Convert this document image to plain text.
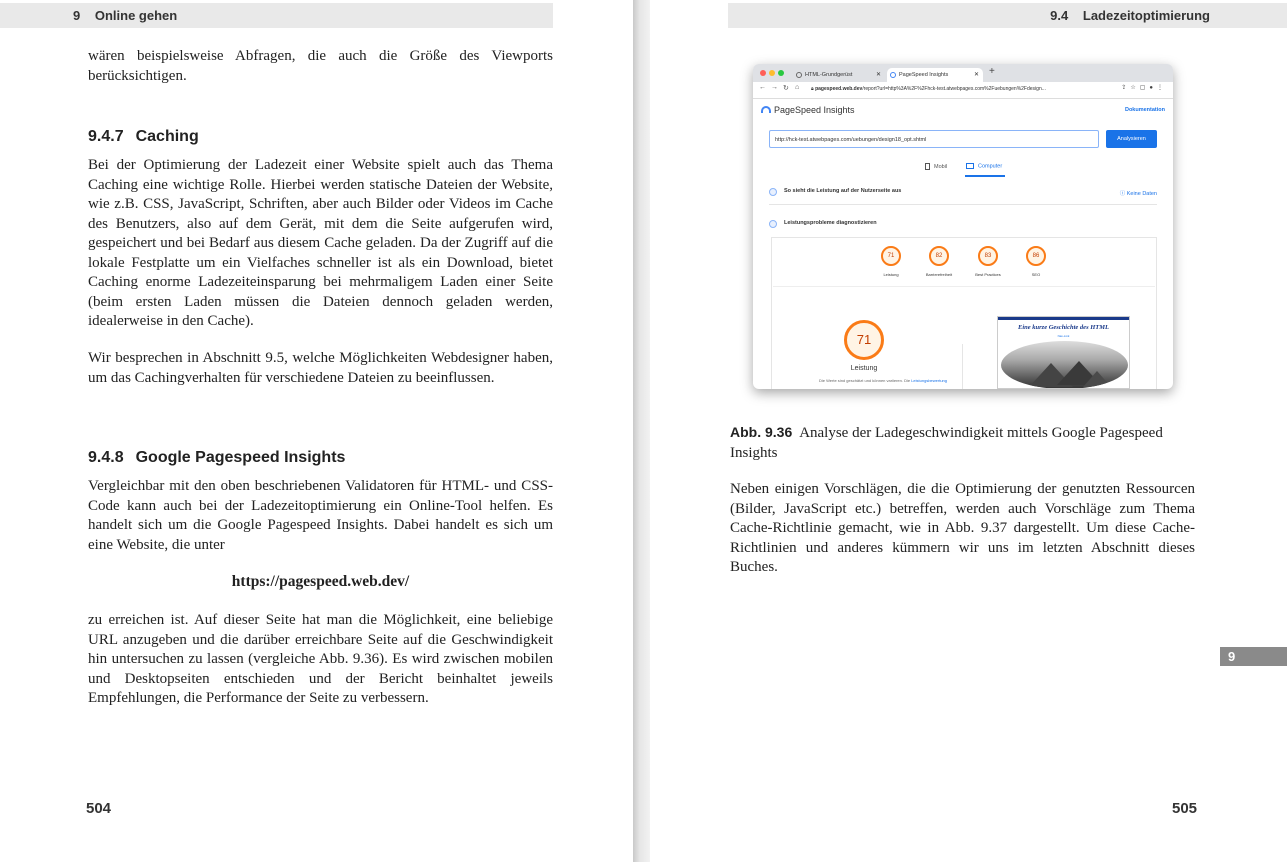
9 Online gehen

wären beispielsweise Abfragen, die auch die Größe des Viewports berücksichtigen.

9.4.7 Caching

Bei der Optimierung der Ladezeit einer Website spielt auch das Thema Caching eine wichtige Rolle. Hierbei werden statische Dateien der Website, wie z.B. CSS, JavaScript, Schriften, aber auch Bilder oder Videos im Cache des Benutzers, also auf dem Gerät, mit dem die Seite aufgerufen wird, gespeichert und bei Bedarf aus diesem Cache geladen. Da der Zugriff auf die lokale Festplatte um ein Vielfaches schneller ist als ein Download, bietet Caching enorme Ladezeiteinsparung bei mehrmaligem Laden einer Seite (beim ersten Laden müssen die Dateien dennoch geladen werden, idealerweise in den Cache).

Wir besprechen in Abschnitt 9.5, welche Möglichkeiten Webdesigner haben, um das Cachingverhalten für verschiedene Dateien zu beeinflussen.

9.4.8 Google Pagespeed Insights

Vergleichbar mit den oben beschriebenen Validatoren für HTML- und CSS-Code kann auch bei der Ladezeitoptimierung ein Online-Tool helfen. Es handelt sich um die Google Pagespeed Insights. Dabei handelt es sich um eine Website, die unter

https://pagespeed.web.dev/

zu erreichen ist. Auf dieser Seite hat man die Möglichkeit, eine beliebige URL anzugeben und die darüber erreichbare Seite auf die Geschwindigkeit hin untersuchen zu lassen (vergleiche Abb. 9.36). Es wird zwischen mobilen und Desktopseiten entschieden und der Bericht beinhaltet jeweils Empfehlungen, die Performance der Seite zu verbessern.

504
9.4 Ladezeitoptimierung
HTML-Grundgerüst	✕	PageSpeed Insights	✕ +
← → ↻ ⌂ 🔒︎ pagespeed.web.dev/report?url=http%3A%2F%2Fhck-test.atwebpages.com%2Fuebungen%2Fdesign...	⇪☆▢●⋮
PageSpeed Insights	Dokumentation
http://hck-test.atwebpages.com/uebungen/design18_opt.shtml	Analysieren
Mobil	Computer
So sieht die Leistung auf der Nutzerseite aus	ⓘ Keine Daten
Leistungsprobleme diagnostizieren
71
Leistung
82
Barrierefreiheit
83
Best Practices
86
SEO
71
Leistung
Die Werte sind geschätzt und können variieren. Die Leistungsbewertung
Eine kurze Geschichte des HTML
Nav-Link

Abb. 9.36 Analyse der Ladegeschwindigkeit mittels Google Pagespeed Insights

Neben einigen Vorschlägen, die die Optimierung der genutzten Ressourcen (Bilder, JavaScript etc.) betreffen, werden auch Vorschläge zum Thema Cache-Richtlinie gemacht, wie in Abb. 9.37 dargestellt. Um diese Cache-Richtlinien und anderes kümmern wir uns im letzten Abschnitt dieses Buches.

9
505
